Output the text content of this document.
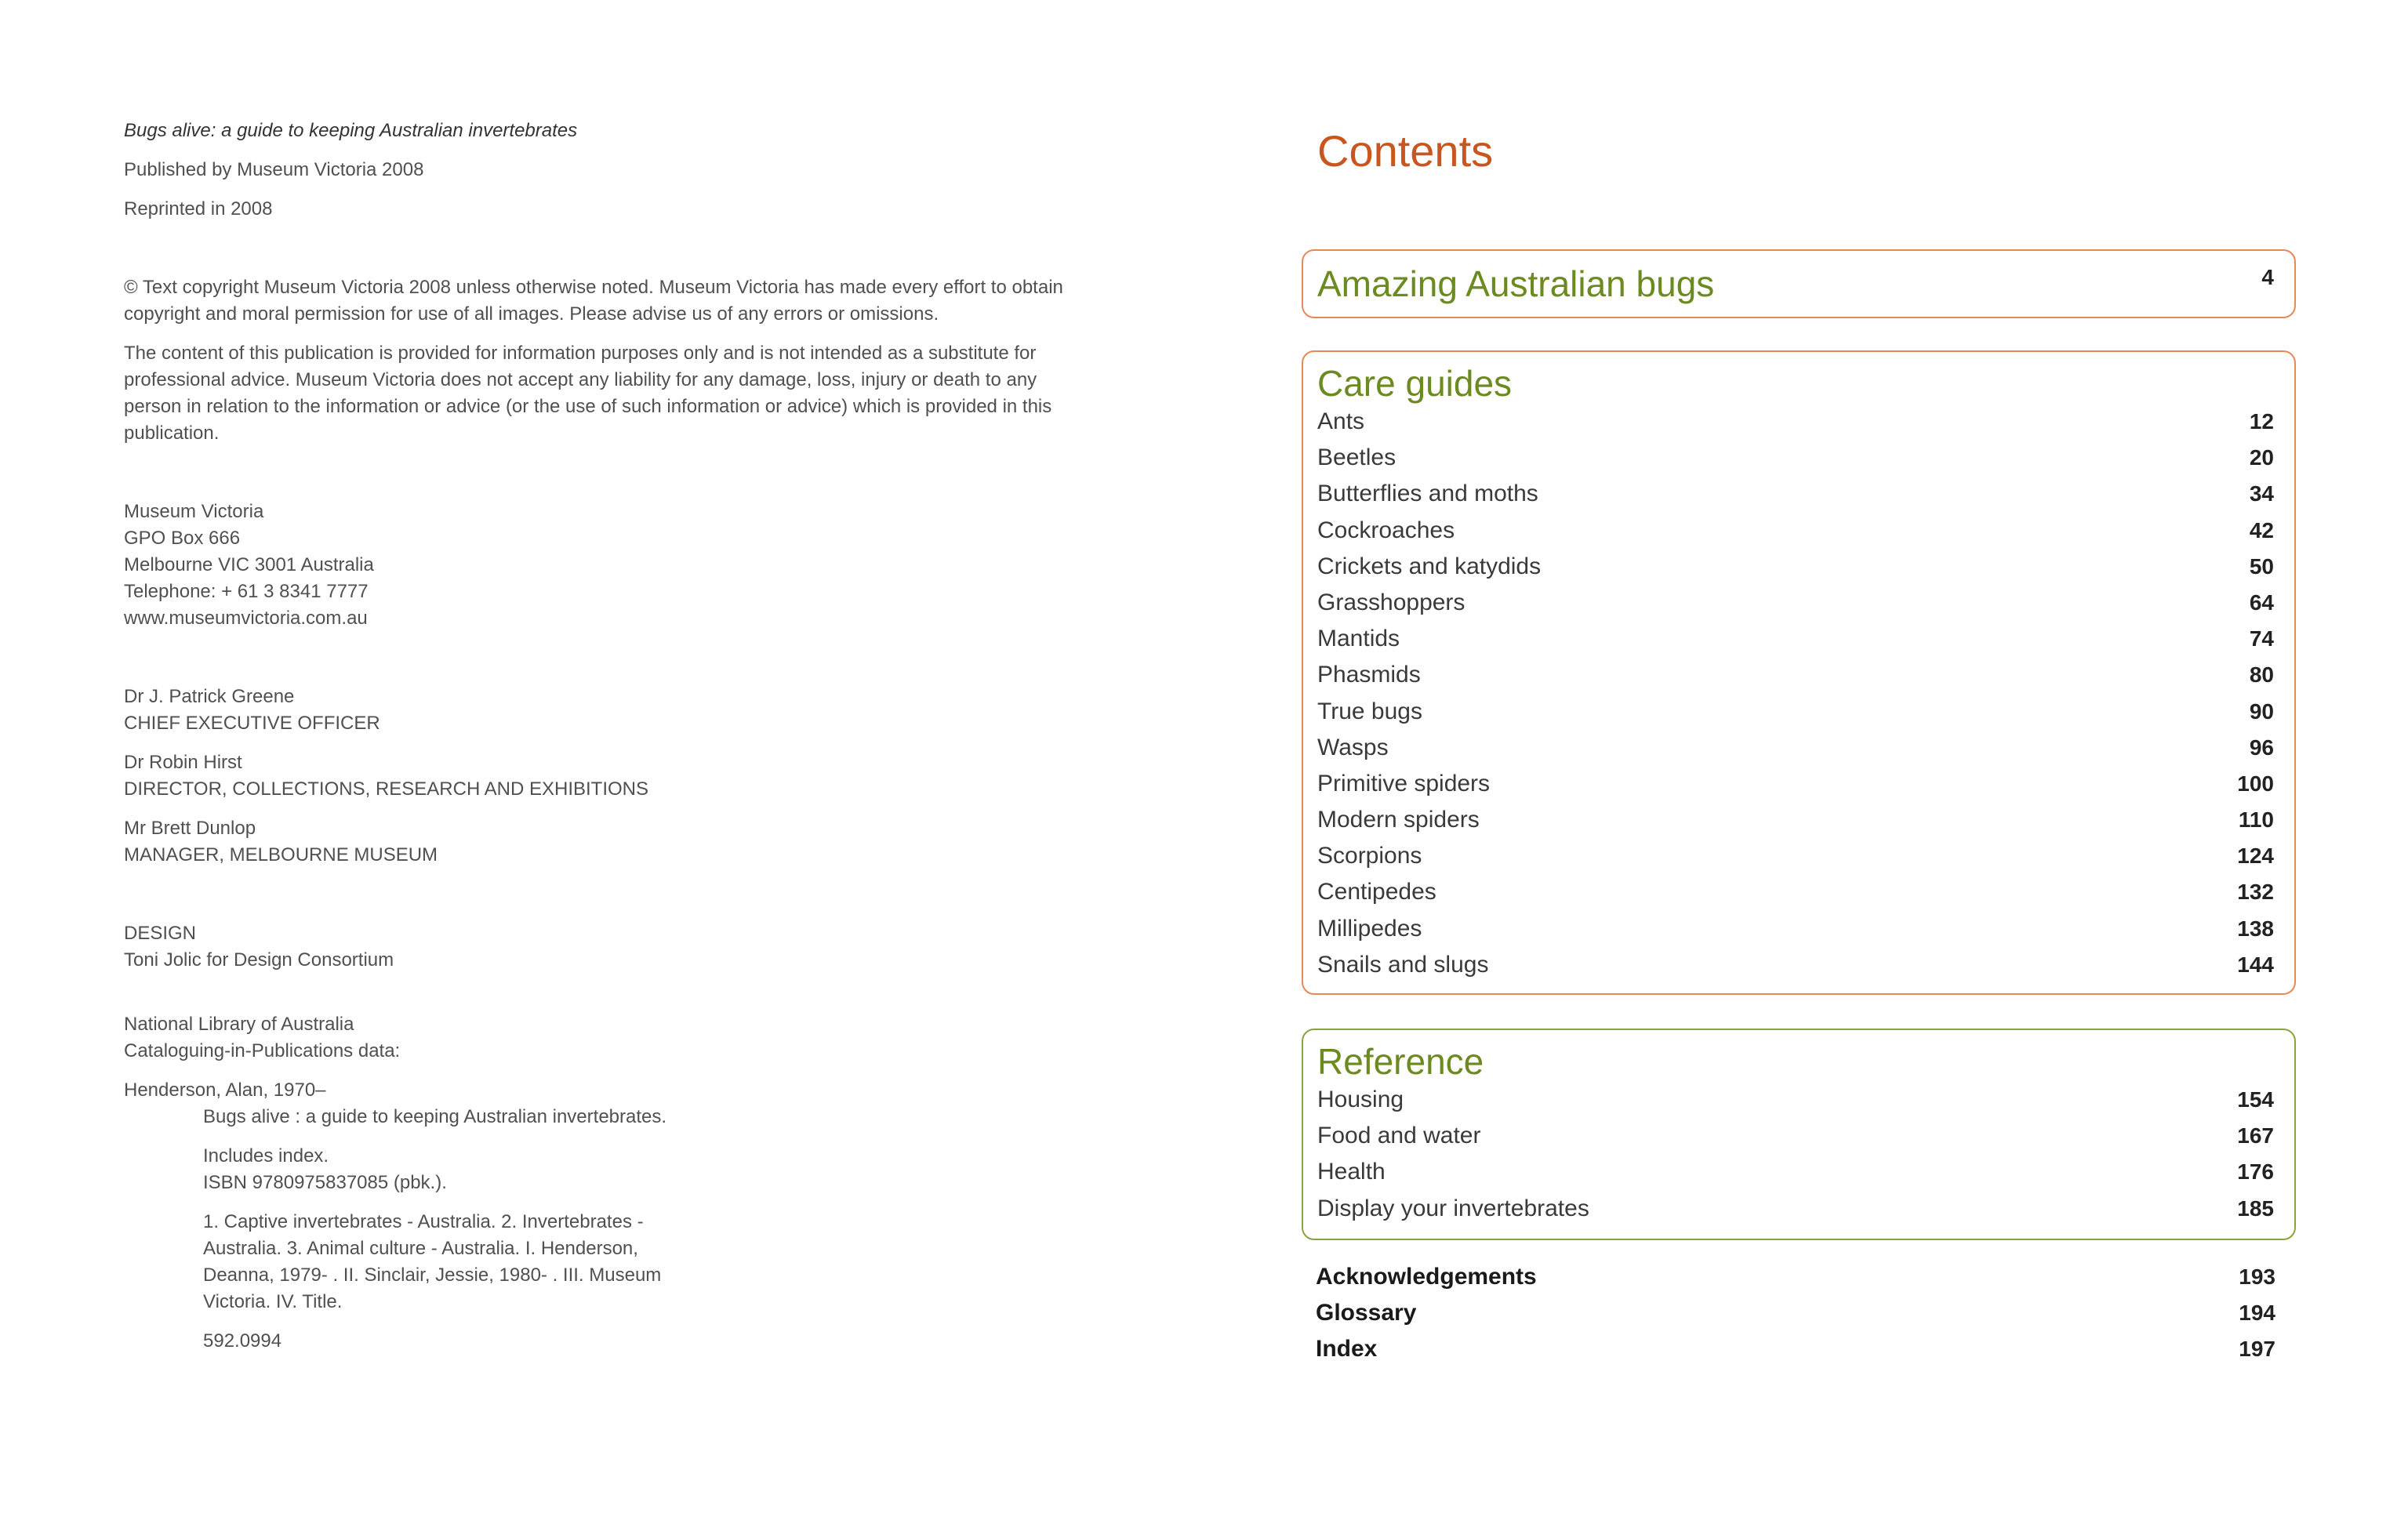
Bugs alive: a guide to keeping Australian invertebrates

Published by Museum Victoria 2008

Reprinted in 2008

© Text copyright Museum Victoria 2008 unless otherwise noted. Museum Victoria has made every effort to obtain copyright and moral permission for use of all images. Please advise us of any errors or omissions.

The content of this publication is provided for information purposes only and is not intended as a substitute for professional advice. Museum Victoria does not accept any liability for any damage, loss, injury or death to any person in relation to the information or advice (or the use of such information or advice) which is provided in this publication.

Museum Victoria

GPO Box 666

Melbourne VIC 3001 Australia

Telephone: + 61 3 8341 7777

www.museumvictoria.com.au

Dr J. Patrick Greene

CHIEF EXECUTIVE OFFICER

Dr Robin Hirst

DIRECTOR, COLLECTIONS, RESEARCH AND EXHIBITIONS

Mr Brett Dunlop

MANAGER, MELBOURNE MUSEUM

DESIGN

Toni Jolic for Design Consortium

National Library of Australia

Cataloguing-in-Publications data:

Henderson, Alan, 1970–

Bugs alive : a guide to keeping Australian invertebrates.

Includes index.

ISBN 9780975837085 (pbk.).

1. Captive invertebrates - Australia. 2. Invertebrates -

Australia. 3. Animal culture - Australia. I. Henderson,

Deanna, 1979- . II. Sinclair, Jessie, 1980- . III. Museum

Victoria. IV. Title.

592.0994

Contents
Amazing Australian bugs	4
Care guides
Ants	12
Beetles	20
Butterflies and moths	34
Cockroaches	42
Crickets and katydids	50
Grasshoppers	64
Mantids	74
Phasmids	80
True bugs	90
Wasps	96
Primitive spiders	100
Modern spiders	110
Scorpions	124
Centipedes	132
Millipedes	138
Snails and slugs	144
Reference
Housing	154
Food and water	167
Health	176
Display your invertebrates	185
Acknowledgements	193
Glossary	194
Index	197
